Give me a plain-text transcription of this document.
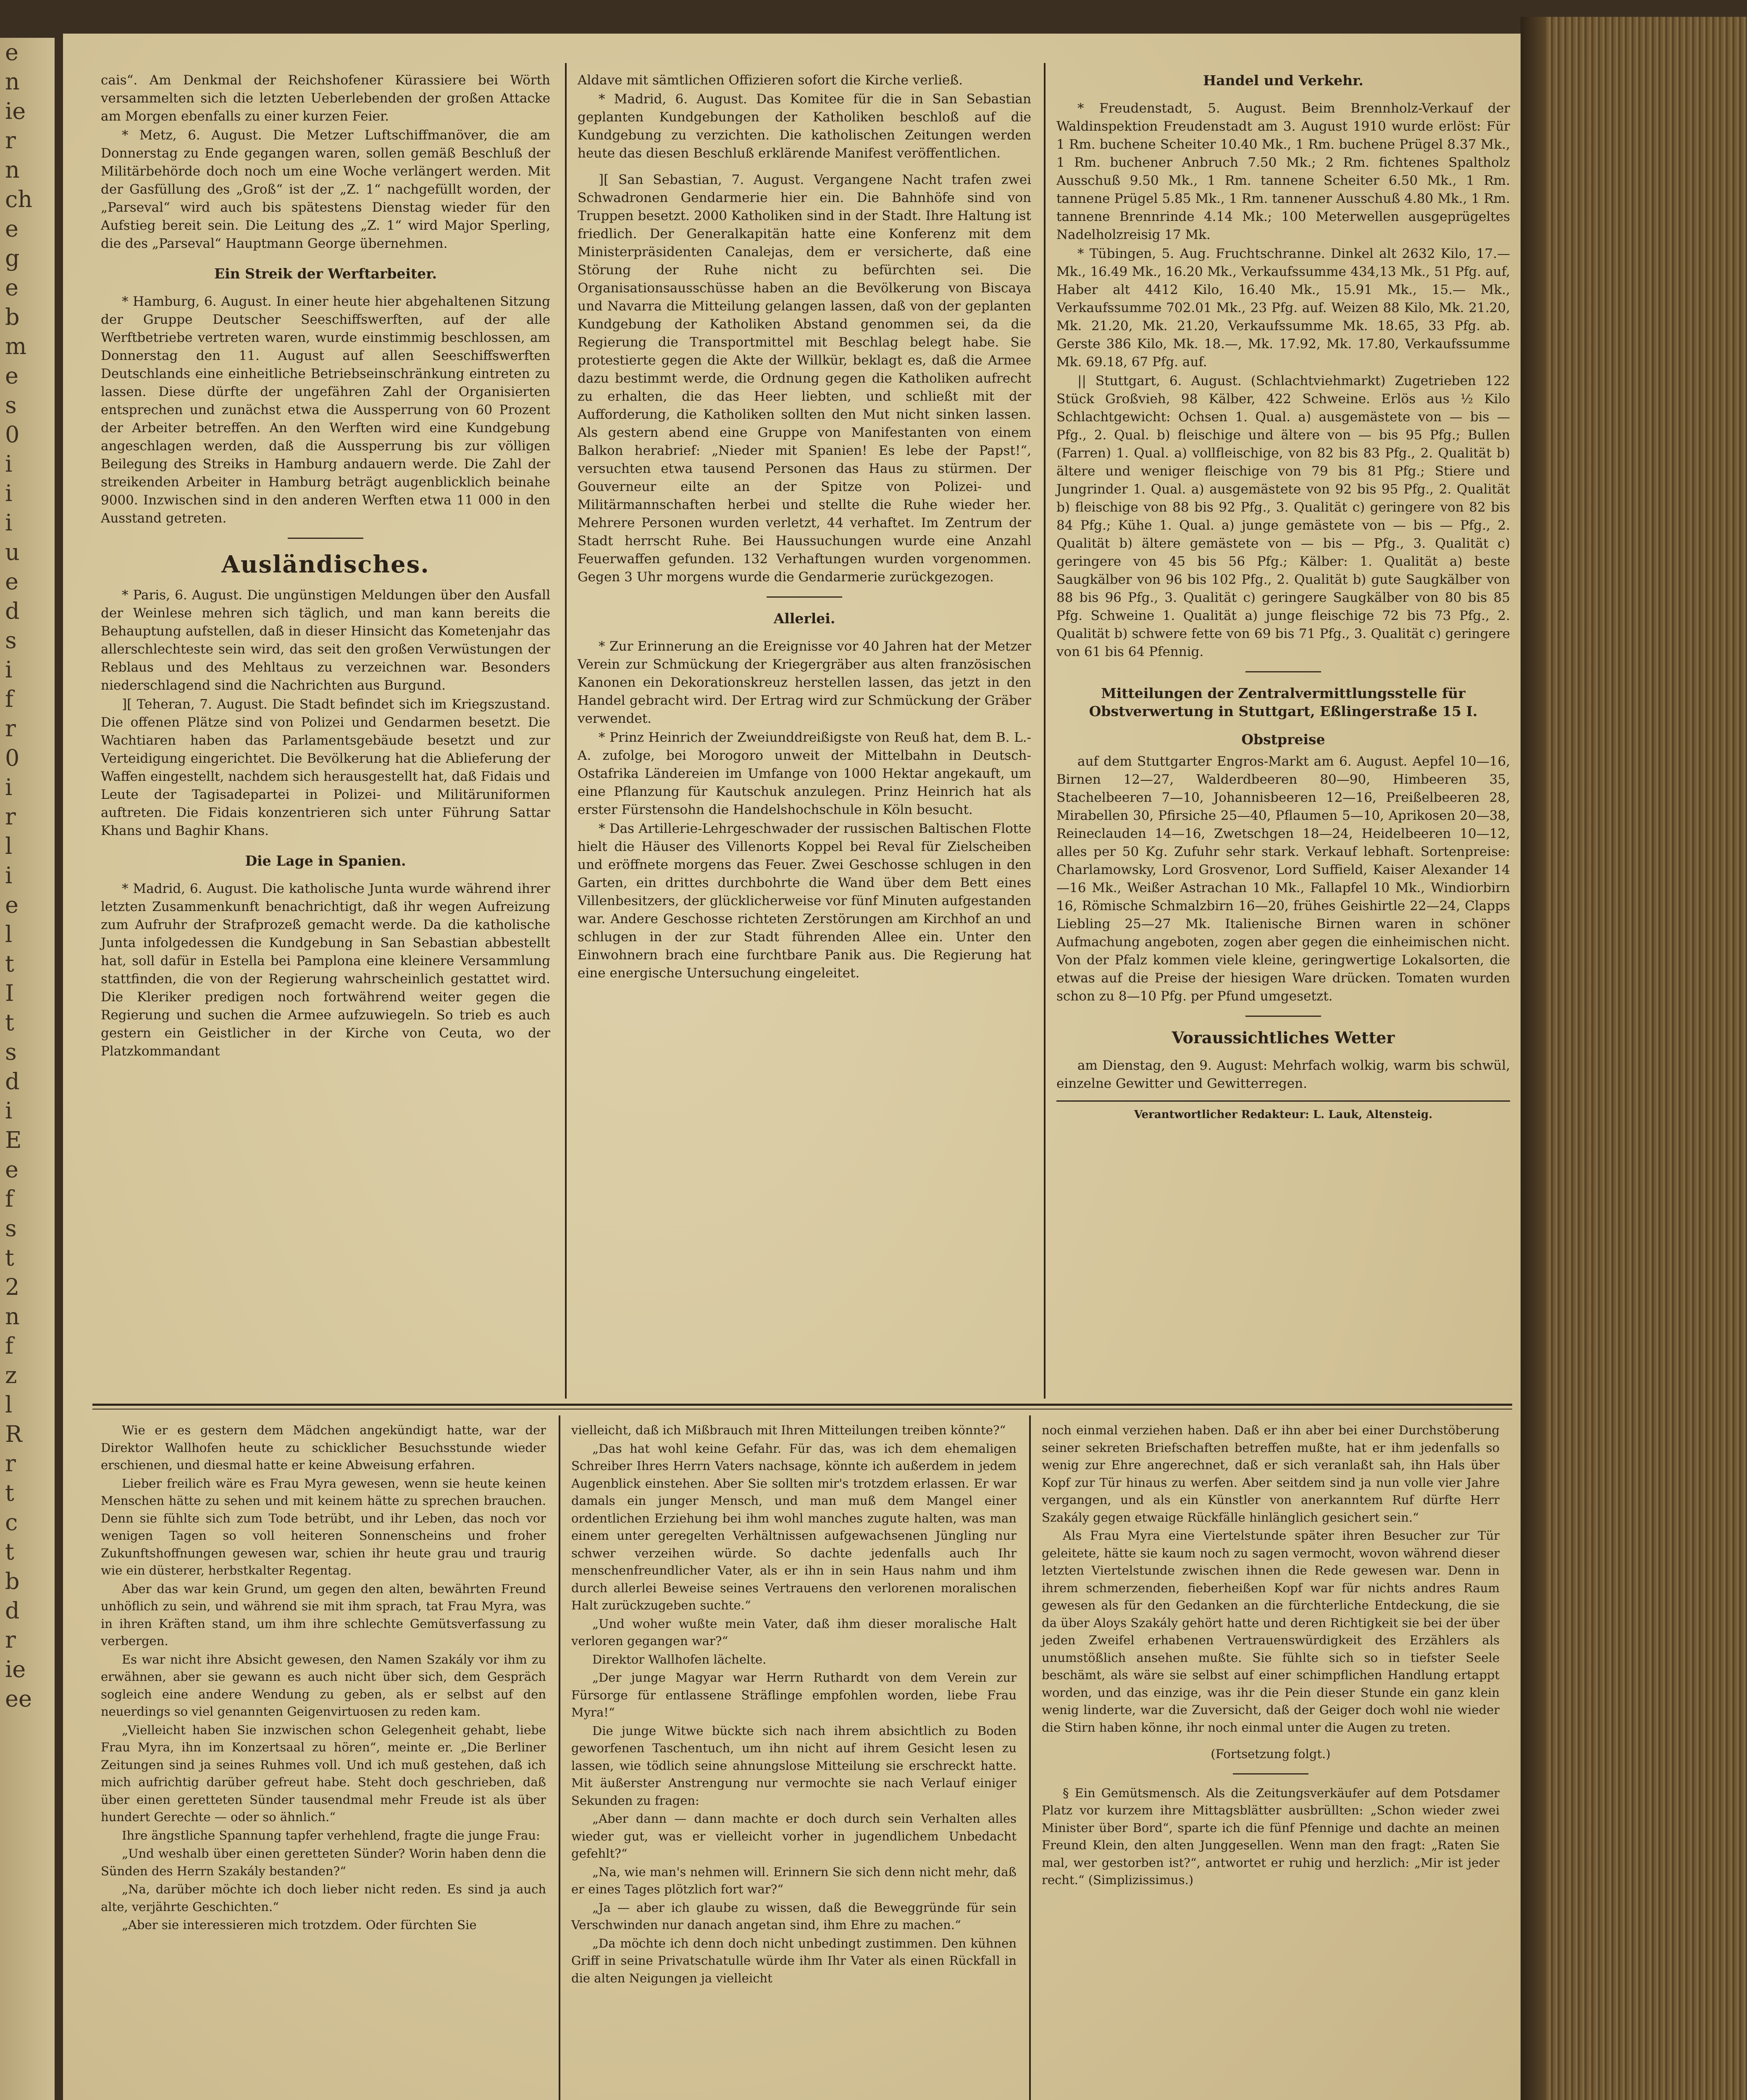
e
n
ie
r
n
ch
e
g
e
b
m
e
s
0
i
i
i
u
e
d
s
i
f
r
0
i
r
l
i
e
l
t
I
t
s
d
i
E
e
f
s
t
2
n
f
z
l
R
r
t
c
t
b
d
r
ie
ee

cais“. Am Denkmal der Reichshofener Kürassiere bei Wörth versammelten sich die letzten Ueberlebenden der großen Attacke am Morgen ebenfalls zu einer kurzen Feier.

* Metz, 6. August. Die Metzer Luftschiffmanöver, die am Donnerstag zu Ende gegangen waren, sollen gemäß Beschluß der Militärbehörde doch noch um eine Woche verlängert werden. Mit der Gasfüllung des „Groß“ ist der „Z. 1“ nachgefüllt worden, der „Parseval“ wird auch bis spätestens Dienstag wieder für den Aufstieg bereit sein. Die Leitung des „Z. 1“ wird Major Sperling, die des „Parseval“ Hauptmann George übernehmen.

Ein Streik der Werftarbeiter.

* Hamburg, 6. August. In einer heute hier abgehaltenen Sitzung der Gruppe Deutscher Seeschiffswerften, auf der alle Werftbetriebe vertreten waren, wurde einstimmig beschlossen, am Donnerstag den 11. August auf allen Seeschiffswerften Deutschlands eine einheitliche Betriebseinschränkung eintreten zu lassen. Diese dürfte der ungefähren Zahl der Organisierten entsprechen und zunächst etwa die Aussperrung von 60 Prozent der Arbeiter betreffen. An den Werften wird eine Kundgebung angeschlagen werden, daß die Aussperrung bis zur völligen Beilegung des Streiks in Hamburg andauern werde. Die Zahl der streikenden Arbeiter in Hamburg beträgt augenblicklich beinahe 9000. Inzwischen sind in den anderen Werften etwa 11 000 in den Ausstand getreten.

Ausländisches.

* Paris, 6. August. Die ungünstigen Meldungen über den Ausfall der Weinlese mehren sich täglich, und man kann bereits die Behauptung aufstellen, daß in dieser Hinsicht das Kometenjahr das allerschlechteste sein wird, das seit den großen Verwüstungen der Reblaus und des Mehltaus zu verzeichnen war. Besonders niederschlagend sind die Nachrichten aus Burgund.

][ Teheran, 7. August. Die Stadt befindet sich im Kriegszustand. Die offenen Plätze sind von Polizei und Gendarmen besetzt. Die Wachtiaren haben das Parlamentsgebäude besetzt und zur Verteidigung eingerichtet. Die Bevölkerung hat die Ablieferung der Waffen eingestellt, nachdem sich herausgestellt hat, daß Fidais und Leute der Tagisadepartei in Polizei- und Militäruniformen auftreten. Die Fidais konzentrieren sich unter Führung Sattar Khans und Baghir Khans.

Die Lage in Spanien.

* Madrid, 6. August. Die katholische Junta wurde während ihrer letzten Zusammenkunft benachrichtigt, daß ihr wegen Aufreizung zum Aufruhr der Strafprozeß gemacht werde. Da die katholische Junta infolgedessen die Kundgebung in San Sebastian abbestellt hat, soll dafür in Estella bei Pamplona eine kleinere Versammlung stattfinden, die von der Regierung wahrscheinlich gestattet wird. Die Kleriker predigen noch fortwährend weiter gegen die Regierung und suchen die Armee aufzuwiegeln. So trieb es auch gestern ein Geistlicher in der Kirche von Ceuta, wo der Platzkommandant

Aldave mit sämtlichen Offizieren sofort die Kirche verließ.

* Madrid, 6. August. Das Komitee für die in San Sebastian geplanten Kundgebungen der Katholiken beschloß auf die Kundgebung zu verzichten. Die katholischen Zeitungen werden heute das diesen Beschluß erklärende Manifest veröffentlichen.

][ San Sebastian, 7. August. Vergangene Nacht trafen zwei Schwadronen Gendarmerie hier ein. Die Bahnhöfe sind von Truppen besetzt. 2000 Katholiken sind in der Stadt. Ihre Haltung ist friedlich. Der Generalkapitän hatte eine Konferenz mit dem Ministerpräsidenten Canalejas, dem er versicherte, daß eine Störung der Ruhe nicht zu befürchten sei. Die Organisationsausschüsse haben an die Bevölkerung von Biscaya und Navarra die Mitteilung gelangen lassen, daß von der geplanten Kundgebung der Katholiken Abstand genommen sei, da die Regierung die Transportmittel mit Beschlag belegt habe. Sie protestierte gegen die Akte der Willkür, beklagt es, daß die Armee dazu bestimmt werde, die Ordnung gegen die Katholiken aufrecht zu erhalten, die das Heer liebten, und schließt mit der Aufforderung, die Katholiken sollten den Mut nicht sinken lassen. Als gestern abend eine Gruppe von Manifestanten von einem Balkon herabrief: „Nieder mit Spanien! Es lebe der Papst!“, versuchten etwa tausend Personen das Haus zu stürmen. Der Gouverneur eilte an der Spitze von Polizei- und Militärmannschaften herbei und stellte die Ruhe wieder her. Mehrere Personen wurden verletzt, 44 verhaftet. Im Zentrum der Stadt herrscht Ruhe. Bei Haussuchungen wurde eine Anzahl Feuerwaffen gefunden. 132 Verhaftungen wurden vorgenommen. Gegen 3 Uhr morgens wurde die Gendarmerie zurückgezogen.

Allerlei.

* Zur Erinnerung an die Ereignisse vor 40 Jahren hat der Metzer Verein zur Schmückung der Kriegergräber aus alten französischen Kanonen ein Dekorationskreuz herstellen lassen, das jetzt in den Handel gebracht wird. Der Ertrag wird zur Schmückung der Gräber verwendet.

* Prinz Heinrich der Zweiunddreißigste von Reuß hat, dem B. L.-A. zufolge, bei Morogoro unweit der Mittelbahn in Deutsch-Ostafrika Ländereien im Umfange von 1000 Hektar angekauft, um eine Pflanzung für Kautschuk anzulegen. Prinz Heinrich hat als erster Fürstensohn die Handelshochschule in Köln besucht.

* Das Artillerie-Lehrgeschwader der russischen Baltischen Flotte hielt die Häuser des Villenorts Koppel bei Reval für Zielscheiben und eröffnete morgens das Feuer. Zwei Geschosse schlugen in den Garten, ein drittes durchbohrte die Wand über dem Bett eines Villenbesitzers, der glücklicherweise vor fünf Minuten aufgestanden war. Andere Geschosse richteten Zerstörungen am Kirchhof an und schlugen in der zur Stadt führenden Allee ein. Unter den Einwohnern brach eine furchtbare Panik aus. Die Regierung hat eine energische Untersuchung eingeleitet.

Handel und Verkehr.

* Freudenstadt, 5. August. Beim Brennholz-Verkauf der Waldinspektion Freudenstadt am 3. August 1910 wurde erlöst: Für 1 Rm. buchene Scheiter 10.40 Mk., 1 Rm. buchene Prügel 8.37 Mk., 1 Rm. buchener Anbruch 7.50 Mk.; 2 Rm. fichtenes Spaltholz Ausschuß 9.50 Mk., 1 Rm. tannene Scheiter 6.50 Mk., 1 Rm. tannene Prügel 5.85 Mk., 1 Rm. tannener Ausschuß 4.80 Mk., 1 Rm. tannene Brennrinde 4.14 Mk.; 100 Meterwellen ausgeprügeltes Nadelholzreisig 17 Mk.

* Tübingen, 5. Aug. Fruchtschranne. Dinkel alt 2632 Kilo, 17.— Mk., 16.49 Mk., 16.20 Mk., Verkaufssumme 434,13 Mk., 51 Pfg. auf, Haber alt 4412 Kilo, 16.40 Mk., 15.91 Mk., 15.— Mk., Verkaufssumme 702.01 Mk., 23 Pfg. auf. Weizen 88 Kilo, Mk. 21.20, Mk. 21.20, Mk. 21.20, Verkaufssumme Mk. 18.65, 33 Pfg. ab. Gerste 386 Kilo, Mk. 18.—, Mk. 17.92, Mk. 17.80, Verkaufssumme Mk. 69.18, 67 Pfg. auf.

|| Stuttgart, 6. August. (Schlachtviehmarkt) Zugetrieben 122 Stück Großvieh, 98 Kälber, 422 Schweine. Erlös aus ½ Kilo Schlachtgewicht: Ochsen 1. Qual. a) ausgemästete von — bis — Pfg., 2. Qual. b) fleischige und ältere von — bis 95 Pfg.; Bullen (Farren) 1. Qual. a) vollfleischige, von 82 bis 83 Pfg., 2. Qualität b) ältere und weniger fleischige von 79 bis 81 Pfg.; Stiere und Jungrinder 1. Qual. a) ausgemästete von 92 bis 95 Pfg., 2. Qualität b) fleischige von 88 bis 92 Pfg., 3. Qualität c) geringere von 82 bis 84 Pfg.; Kühe 1. Qual. a) junge gemästete von — bis — Pfg., 2. Qualität b) ältere gemästete von — bis — Pfg., 3. Qualität c) geringere von 45 bis 56 Pfg.; Kälber: 1. Qualität a) beste Saugkälber von 96 bis 102 Pfg., 2. Qualität b) gute Saugkälber von 88 bis 96 Pfg., 3. Qualität c) geringere Saugkälber von 80 bis 85 Pfg. Schweine 1. Qualität a) junge fleischige 72 bis 73 Pfg., 2. Qualität b) schwere fette von 69 bis 71 Pfg., 3. Qualität c) geringere von 61 bis 64 Pfennig.

Mitteilungen der Zentralvermittlungsstelle für Obstverwertung in Stuttgart, Eßlingerstraße 15 I.

Obstpreise

auf dem Stuttgarter Engros-Markt am 6. August. Aepfel 10—16, Birnen 12—27, Walderdbeeren 80—90, Himbeeren 35, Stachelbeeren 7—10, Johannisbeeren 12—16, Preißelbeeren 28, Mirabellen 30, Pfirsiche 25—40, Pflaumen 5—10, Aprikosen 20—38, Reineclauden 14—16, Zwetschgen 18—24, Heidelbeeren 10—12, alles per 50 Kg. Zufuhr sehr stark. Verkauf lebhaft. Sortenpreise: Charlamowsky, Lord Grosvenor, Lord Suffield, Kaiser Alexander 14—16 Mk., Weißer Astrachan 10 Mk., Fallapfel 10 Mk., Windiorbirn 16, Römische Schmalzbirn 16—20, frühes Geishirtle 22—24, Clapps Liebling 25—27 Mk. Italienische Birnen waren in schöner Aufmachung angeboten, zogen aber gegen die einheimischen nicht. Von der Pfalz kommen viele kleine, geringwertige Lokalsorten, die etwas auf die Preise der hiesigen Ware drücken. Tomaten wurden schon zu 8—10 Pfg. per Pfund umgesetzt.

Voraussichtliches Wetter

am Dienstag, den 9. August: Mehrfach wolkig, warm bis schwül, einzelne Gewitter und Gewitterregen.

Verantwortlicher Redakteur: L. Lauk, Altensteig.

Wie er es gestern dem Mädchen angekündigt hatte, war der Direktor Wallhofen heute zu schicklicher Besuchsstunde wieder erschienen, und diesmal hatte er keine Abweisung erfahren.

Lieber freilich wäre es Frau Myra gewesen, wenn sie heute keinen Menschen hätte zu sehen und mit keinem hätte zu sprechen brauchen. Denn sie fühlte sich zum Tode betrübt, und ihr Leben, das noch vor wenigen Tagen so voll heiteren Sonnenscheins und froher Zukunftshoffnungen gewesen war, schien ihr heute grau und traurig wie ein düsterer, herbstkalter Regentag.

Aber das war kein Grund, um gegen den alten, bewährten Freund unhöflich zu sein, und während sie mit ihm sprach, tat Frau Myra, was in ihren Kräften stand, um ihm ihre schlechte Gemütsverfassung zu verbergen.

Es war nicht ihre Absicht gewesen, den Namen Szakály vor ihm zu erwähnen, aber sie gewann es auch nicht über sich, dem Gespräch sogleich eine andere Wendung zu geben, als er selbst auf den neuerdings so viel genannten Geigenvirtuosen zu reden kam.

„Vielleicht haben Sie inzwischen schon Gelegenheit gehabt, liebe Frau Myra, ihn im Konzertsaal zu hören“, meinte er. „Die Berliner Zeitungen sind ja seines Ruhmes voll. Und ich muß gestehen, daß ich mich aufrichtig darüber gefreut habe. Steht doch geschrieben, daß über einen geretteten Sünder tausendmal mehr Freude ist als über hundert Gerechte — oder so ähnlich.“

Ihre ängstliche Spannung tapfer verhehlend, fragte die junge Frau:

„Und weshalb über einen geretteten Sünder? Worin haben denn die Sünden des Herrn Szakály bestanden?“

„Na, darüber möchte ich doch lieber nicht reden. Es sind ja auch alte, verjährte Geschichten.“

„Aber sie interessieren mich trotzdem. Oder fürchten Sie

vielleicht, daß ich Mißbrauch mit Ihren Mitteilungen treiben könnte?“

„Das hat wohl keine Gefahr. Für das, was ich dem ehemaligen Schreiber Ihres Herrn Vaters nachsage, könnte ich außerdem in jedem Augenblick einstehen. Aber Sie sollten mir's trotzdem erlassen. Er war damals ein junger Mensch, und man muß dem Mangel einer ordentlichen Erziehung bei ihm wohl manches zugute halten, was man einem unter geregelten Verhältnissen aufgewachsenen Jüngling nur schwer verzeihen würde. So dachte jedenfalls auch Ihr menschenfreundlicher Vater, als er ihn in sein Haus nahm und ihm durch allerlei Beweise seines Vertrauens den verlorenen moralischen Halt zurückzugeben suchte.“

„Und woher wußte mein Vater, daß ihm dieser moralische Halt verloren gegangen war?“

Direktor Wallhofen lächelte.

„Der junge Magyar war Herrn Ruthardt von dem Verein zur Fürsorge für entlassene Sträflinge empfohlen worden, liebe Frau Myra!“

Die junge Witwe bückte sich nach ihrem absichtlich zu Boden geworfenen Taschentuch, um ihn nicht auf ihrem Gesicht lesen zu lassen, wie tödlich seine ahnungslose Mitteilung sie erschreckt hatte. Mit äußerster Anstrengung nur vermochte sie nach Verlauf einiger Sekunden zu fragen:

„Aber dann — dann machte er doch durch sein Verhalten alles wieder gut, was er vielleicht vorher in jugendlichem Unbedacht gefehlt?“

„Na, wie man's nehmen will. Erinnern Sie sich denn nicht mehr, daß er eines Tages plötzlich fort war?“

„Ja — aber ich glaube zu wissen, daß die Beweggründe für sein Verschwinden nur danach angetan sind, ihm Ehre zu machen.“

„Da möchte ich denn doch nicht unbedingt zustimmen. Den kühnen Griff in seine Privatschatulle würde ihm Ihr Vater als einen Rückfall in die alten Neigungen ja vielleicht

noch einmal verziehen haben. Daß er ihn aber bei einer Durchstöberung seiner sekreten Briefschaften betreffen mußte, hat er ihm jedenfalls so wenig zur Ehre angerechnet, daß er sich veranlaßt sah, ihn Hals über Kopf zur Tür hinaus zu werfen. Aber seitdem sind ja nun volle vier Jahre vergangen, und als ein Künstler von anerkanntem Ruf dürfte Herr Szakály gegen etwaige Rückfälle hinlänglich gesichert sein.“

Als Frau Myra eine Viertelstunde später ihren Besucher zur Tür geleitete, hätte sie kaum noch zu sagen vermocht, wovon während dieser letzten Viertelstunde zwischen ihnen die Rede gewesen war. Denn in ihrem schmerzenden, fieberheißen Kopf war für nichts andres Raum gewesen als für den Gedanken an die fürchterliche Entdeckung, die sie da über Aloys Szakály gehört hatte und deren Richtigkeit sie bei der über jeden Zweifel erhabenen Vertrauenswürdigkeit des Erzählers als unumstößlich ansehen mußte. Sie fühlte sich so in tiefster Seele beschämt, als wäre sie selbst auf einer schimpflichen Handlung ertappt worden, und das einzige, was ihr die Pein dieser Stunde ein ganz klein wenig linderte, war die Zuversicht, daß der Geiger doch wohl nie wieder die Stirn haben könne, ihr noch einmal unter die Augen zu treten.

(Fortsetzung folgt.)

§ Ein Gemütsmensch. Als die Zeitungsverkäufer auf dem Potsdamer Platz vor kurzem ihre Mittagsblätter ausbrüllten: „Schon wieder zwei Minister über Bord“, sparte ich die fünf Pfennige und dachte an meinen Freund Klein, den alten Junggesellen. Wenn man den fragt: „Raten Sie mal, wer gestorben ist?“, antwortet er ruhig und herzlich: „Mir ist jeder recht.“ (Simplizissimus.)
